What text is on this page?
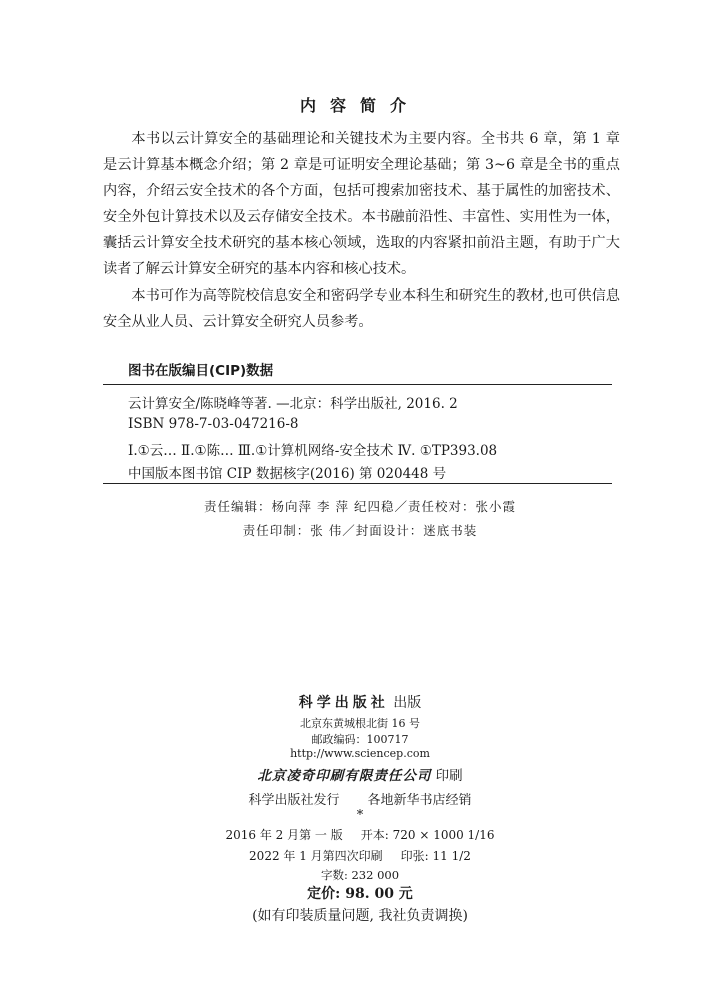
内容简介
本书以云计算安全的基础理论和关键技术为主要内容。全书共 6 章，第 1 章是云计算基本概念介绍；第 2 章是可证明安全理论基础；第 3~6 章是全书的重点内容，介绍云安全技术的各个方面，包括可搜索加密技术、基于属性的加密技术、安全外包计算技术以及云存储安全技术。本书融前沿性、丰富性、实用性为一体，囊括云计算安全技术研究的基本核心领域，选取的内容紧扣前沿主题，有助于广大读者了解云计算安全研究的基本内容和核心技术。
本书可作为高等院校信息安全和密码学专业本科生和研究生的教材,也可供信息安全从业人员、云计算安全研究人员参考。
图书在版编目(CIP)数据
云计算安全/陈晓峰等著. —北京：科学出版社, 2016. 2
ISBN 978-7-03-047216-8
Ⅰ.①云… Ⅱ.①陈… Ⅲ.①计算机网络-安全技术 Ⅳ. ①TP393.08
中国版本图书馆 CIP 数据核字(2016) 第 020448 号
责任编辑：杨向萍 李 萍 纪四稳／责任校对：张小霞
责任印制：张 伟／封面设计：迷底书装
科学出版社 出版
北京东黄城根北街 16 号
邮政编码：100717
http://www.sciencep.com
北京凌奇印刷有限责任公司 印刷
科学出版社发行 各地新华书店经销
*
2016 年 2 月第 一 版 开本: 720 × 1000 1/16
2022 年 1 月第四次印刷 印张: 11 1/2
字数: 232 000
定价: 98. 00 元
(如有印装质量问题, 我社负责调换)
